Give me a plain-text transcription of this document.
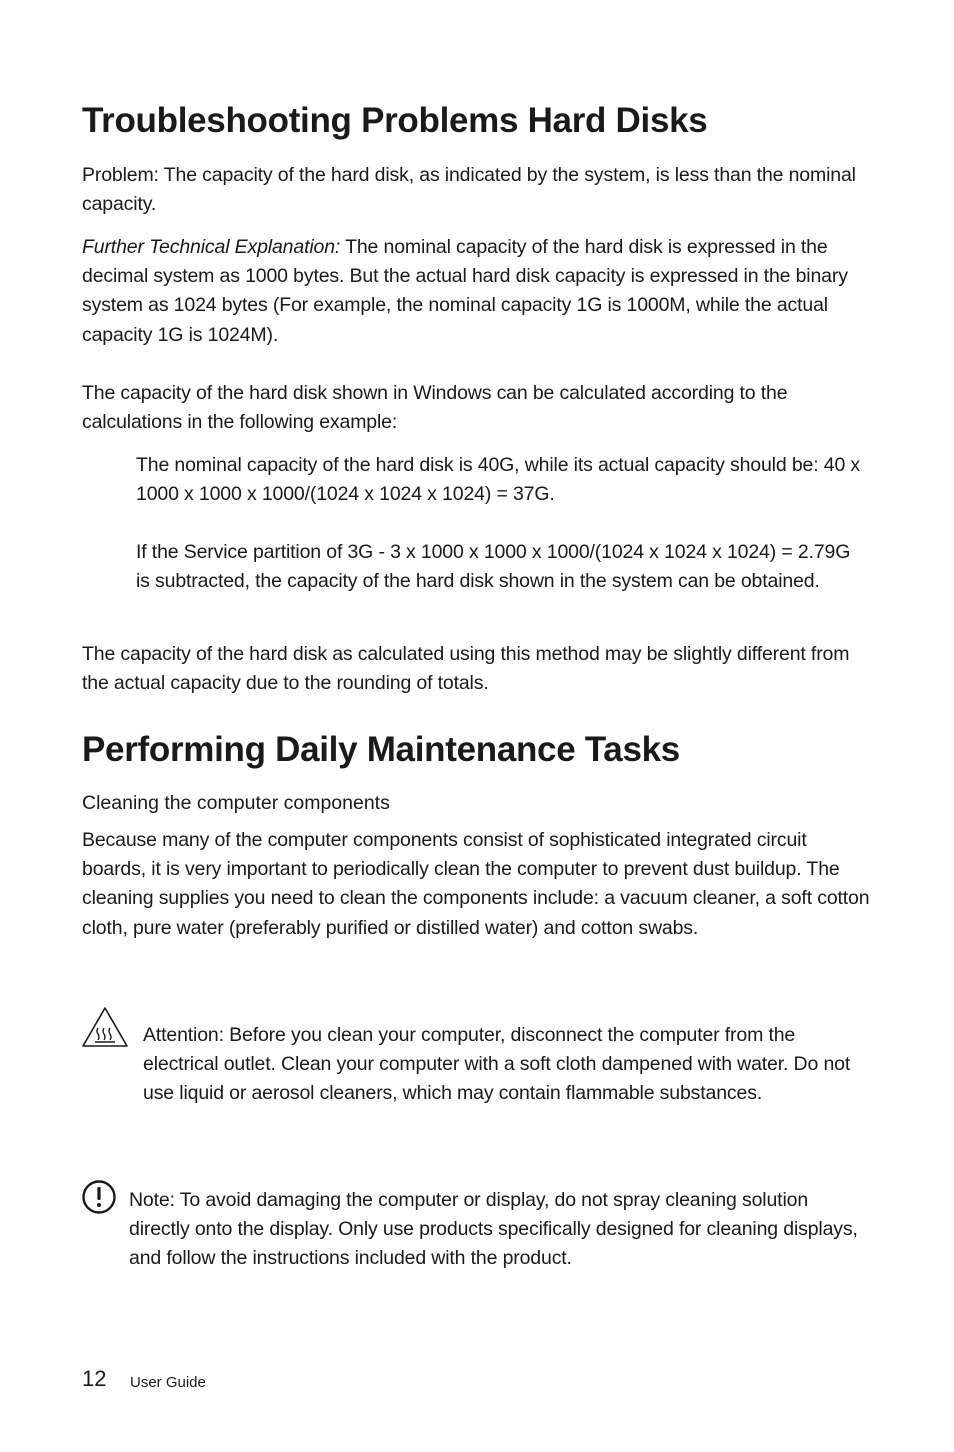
Troubleshooting Problems Hard Disks

Problem: The capacity of the hard disk, as indicated by the system, is less than the nominal capacity.

Further Technical Explanation: The nominal capacity of the hard disk is expressed in the decimal system as 1000 bytes. But the actual hard disk capacity is expressed in the binary system as 1024 bytes (For example, the nominal capacity 1G is 1000M, while the actual capacity 1G is 1024M).

The capacity of the hard disk shown in Windows can be calculated according to the calculations in the following example:

The nominal capacity of the hard disk is 40G, while its actual capacity should be: 40 x 1000 x 1000 x 1000/(1024 x 1024 x 1024) = 37G.

If the Service partition of 3G - 3 x 1000 x 1000 x 1000/(1024 x 1024 x 1024) = 2.79G is subtracted, the capacity of the hard disk shown in the system can be obtained.

The capacity of the hard disk as calculated using this method may be slightly different from the actual capacity due to the rounding of totals.

Performing Daily Maintenance Tasks
Cleaning the computer components

Because many of the computer components consist of sophisticated integrated circuit boards, it is very important to periodically clean the computer to prevent dust buildup. The cleaning supplies you need to clean the components include: a vacuum cleaner, a soft cotton cloth, pure water (preferably purified or distilled water) and cotton swabs.

Attention: Before you clean your computer, disconnect the computer from the electrical outlet. Clean your computer with a soft cloth dampened with water. Do not use liquid or aerosol cleaners, which may contain flammable substances.

Note: To avoid damaging the computer or display, do not spray cleaning solution directly onto the display. Only use products specifically designed for cleaning displays, and follow the instructions included with the product.

12 User Guide
